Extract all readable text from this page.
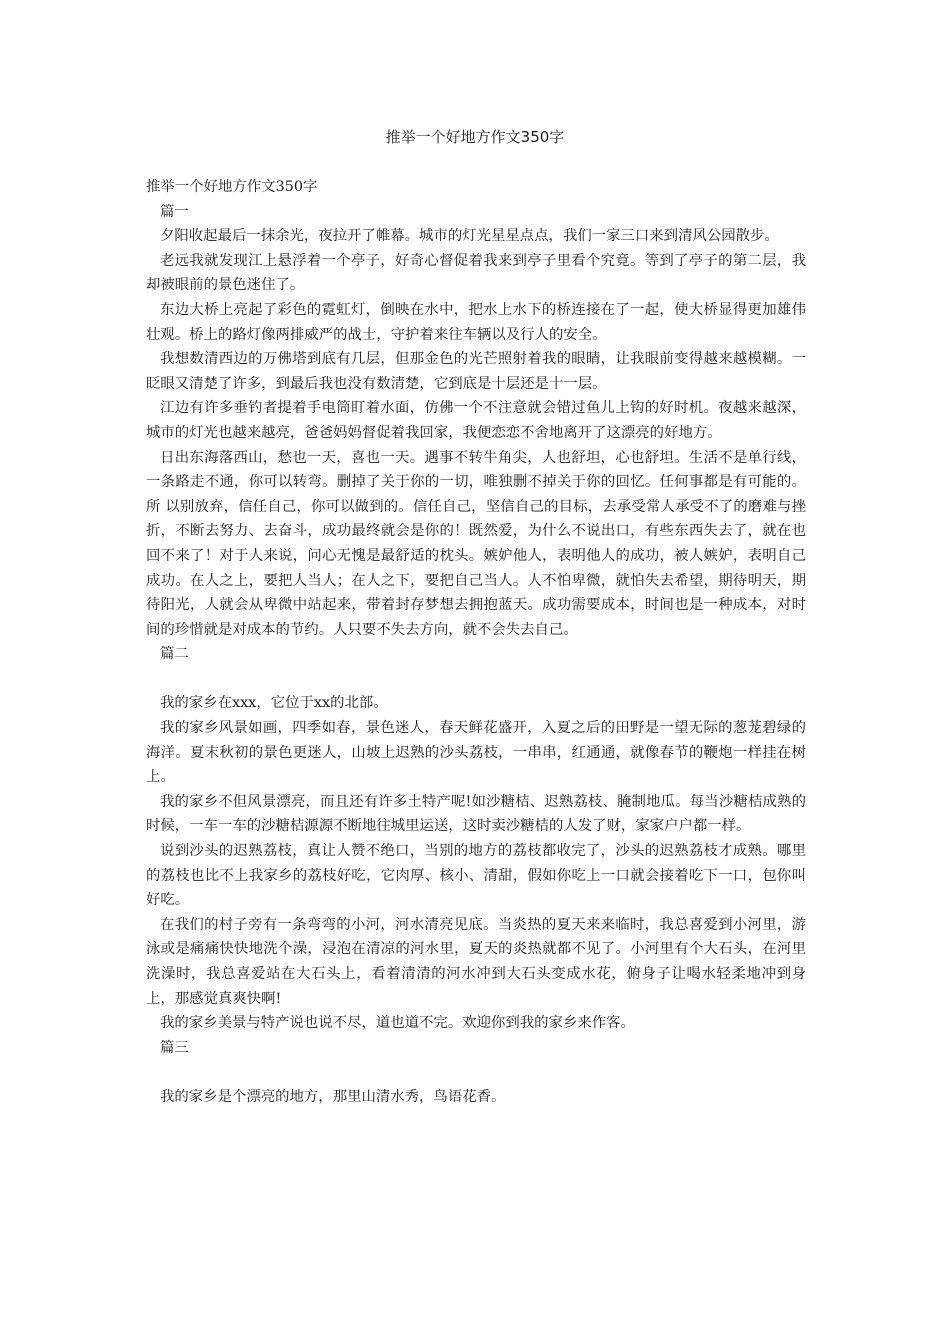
推举一个好地方作文350字

推举一个好地方作文350字

篇一

夕阳收起最后一抹余光，夜拉开了帷幕。城市的灯光星星点点，我们一家三口来到清风公园散步。

老远我就发现江上悬浮着一个亭子，好奇心督促着我来到亭子里看个究竟。等到了亭子的第二层，我却被眼前的景色迷住了。

东边大桥上亮起了彩色的霓虹灯，倒映在水中，把水上水下的桥连接在了一起，使大桥显得更加雄伟壮观。桥上的路灯像两排威严的战士，守护着来往车辆以及行人的安全。

我想数清西边的万佛塔到底有几层，但那金色的光芒照射着我的眼睛，让我眼前变得越来越模糊。一眨眼又清楚了许多，到最后我也没有数清楚，它到底是十层还是十一层。

江边有许多垂钓者提着手电筒盯着水面，仿佛一个不注意就会错过鱼儿上钩的好时机。夜越来越深，城市的灯光也越来越亮，爸爸妈妈督促着我回家，我便恋恋不舍地离开了这漂亮的好地方。

日出东海落西山，愁也一天，喜也一天。遇事不转牛角尖，人也舒坦，心也舒坦。生活不是单行线，一条路走不通，你可以转弯。删掉了关于你的一切，唯独删不掉关于你的回忆。任何事都是有可能的。所 以别放弃，信任自己，你可以做到的。信任自己，坚信自己的目标，去承受常人承受不了的磨难与挫折，不断去努力、去奋斗，成功最终就会是你的！既然爱，为什么不说出口，有些东西失去了，就在也回不来了！对于人来说，问心无愧是最舒适的枕头。嫉妒他人，表明他人的成功，被人嫉妒，表明自己成功。在人之上，要把人当人；在人之下，要把自己当人。人不怕卑微，就怕失去希望，期待明天，期待阳光，人就会从卑微中站起来，带着封存梦想去拥抱蓝天。成功需要成本，时间也是一种成本，对时间的珍惜就是对成本的节约。人只要不失去方向，就不会失去自己。

篇二

我的家乡在xxx，它位于xx的北部。

我的家乡风景如画，四季如春，景色迷人，春天鲜花盛开，入夏之后的田野是一望无际的葱茏碧绿的海洋。夏末秋初的景色更迷人，山坡上迟熟的沙头荔枝，一串串，红通通，就像春节的鞭炮一样挂在树上。

我的家乡不但风景漂亮，而且还有许多土特产呢!如沙糖桔、迟熟荔枝、腌制地瓜。每当沙糖桔成熟的时候，一车一车的沙糖桔源源不断地往城里运送，这时卖沙糖桔的人发了财，家家户户都一样。

说到沙头的迟熟荔枝，真让人赞不绝口，当别的地方的荔枝都收完了，沙头的迟熟荔枝才成熟。哪里的荔枝也比不上我家乡的荔枝好吃，它肉厚、核小、清甜，假如你吃上一口就会接着吃下一口，包你叫好吃。

在我们的村子旁有一条弯弯的小河，河水清亮见底。当炎热的夏天来来临时，我总喜爱到小河里，游泳或是痛痛快快地洗个澡，浸泡在清凉的河水里，夏天的炎热就都不见了。小河里有个大石头，在河里洗澡时，我总喜爱站在大石头上，看着清清的河水冲到大石头变成水花，俯身子让喝水轻柔地冲到身上，那感觉真爽快啊!

我的家乡美景与特产说也说不尽，道也道不完。欢迎你到我的家乡来作客。

篇三

我的家乡是个漂亮的地方，那里山清水秀，鸟语花香。
